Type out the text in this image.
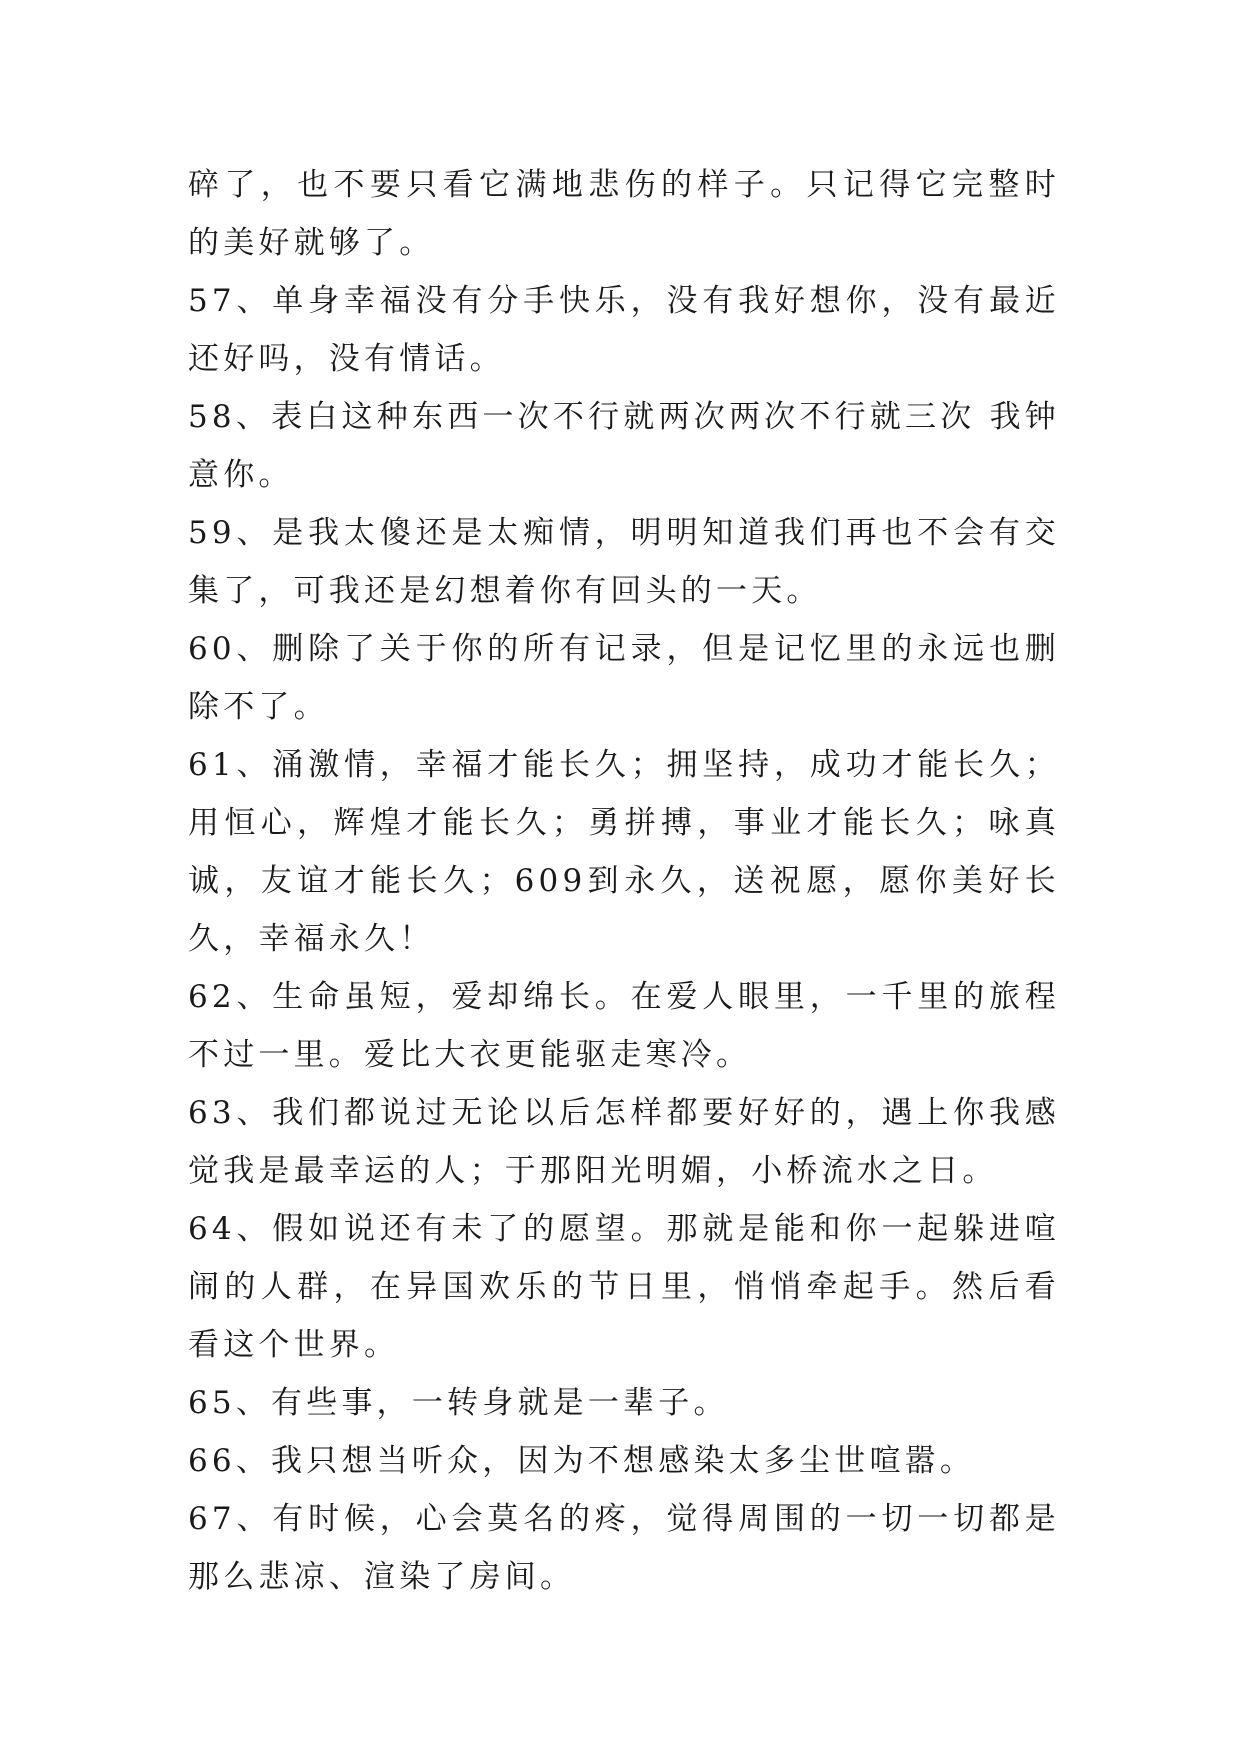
碎了，也不要只看它满地悲伤的样子。只记得它完整时的美好就够了。

57、单身幸福没有分手快乐，没有我好想你，没有最近还好吗，没有情话。

58、表白这种东西一次不行就两次两次不行就三次 我钟意你。

59、是我太傻还是太痴情，明明知道我们再也不会有交集了，可我还是幻想着你有回头的一天。

60、删除了关于你的所有记录，但是记忆里的永远也删除不了。

61、涌激情，幸福才能长久；拥坚持，成功才能长久；用恒心，辉煌才能长久；勇拼搏，事业才能长久；咏真诚，友谊才能长久；609到永久，送祝愿，愿你美好长久，幸福永久！

62、生命虽短，爱却绵长。在爱人眼里，一千里的旅程不过一里。爱比大衣更能驱走寒冷。

63、我们都说过无论以后怎样都要好好的，遇上你我感觉我是最幸运的人；于那阳光明媚，小桥流水之日。

64、假如说还有未了的愿望。那就是能和你一起躲进喧闹的人群，在异国欢乐的节日里，悄悄牵起手。然后看看这个世界。

65、有些事，一转身就是一辈子。

66、我只想当听众，因为不想感染太多尘世喧嚣。

67、有时候，心会莫名的疼，觉得周围的一切一切都是那么悲凉、渲染了房间。
